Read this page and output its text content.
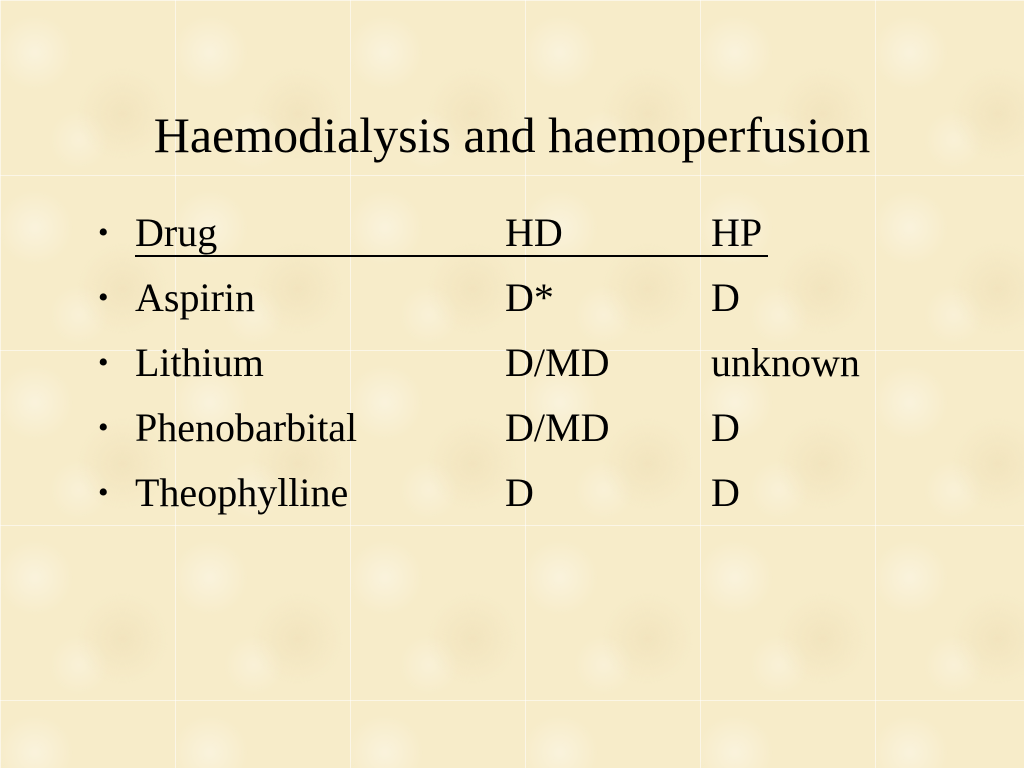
Haemodialysis and haemoperfusion
• Drug	HD	HP
• Aspirin	D*	D
• Lithium	D/MD	unknown
• Phenobarbital	D/MD	D
• Theophylline	D	D
